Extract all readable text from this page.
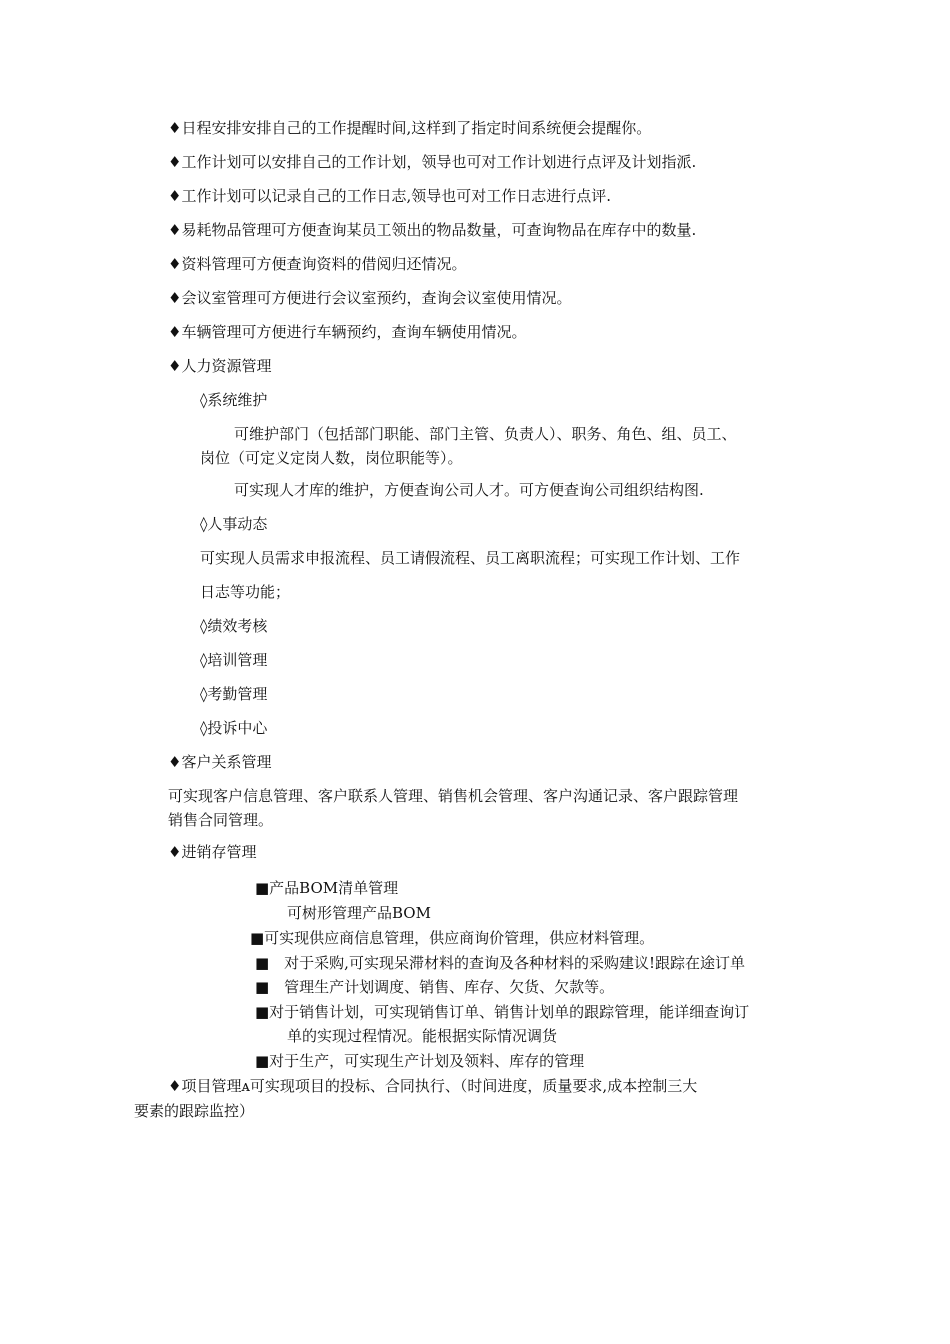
♦日程安排安排自己的工作提醒时间,这样到了指定时间系统便会提醒你。
♦工作计划可以安排自己的工作计划，领导也可对工作计划进行点评及计划指派.
♦工作计划可以记录自己的工作日志,领导也可对工作日志进行点评.
♦易耗物品管理可方便查询某员工领出的物品数量，可查询物品在库存中的数量.
♦资料管理可方便查询资料的借阅归还情况。
♦会议室管理可方便进行会议室预约，查询会议室使用情况。
♦车辆管理可方便进行车辆预约，查询车辆使用情况。
♦人力资源管理
◊系统维护
可维护部门（包括部门职能、部门主管、负责人）、职务、角色、组、员工、
岗位（可定义定岗人数，岗位职能等）。
可实现人才库的维护，方便查询公司人才。可方便查询公司组织结构图.
◊人事动态
可实现人员需求申报流程、员工请假流程、员工离职流程；可实现工作计划、工作
日志等功能；
◊绩效考核
◊培训管理
◊考勤管理
◊投诉中心
♦客户关系管理
可实现客户信息管理、客户联系人管理、销售机会管理、客户沟通记录、客户跟踪管理
销售合同管理。
♦进销存管理
■产品BOM清单管理
可树形管理产品BOM
■可实现供应商信息管理，供应商询价管理，供应材料管理。
■　对于采购,可实现呆滞材料的查询及各种材料的采购建议!跟踪在途订单
■　管理生产计划调度、销售、库存、欠货、欠款等。
■对于销售计划，可实现销售订单、销售计划单的跟踪管理，能详细查询订
单的实现过程情况。能根据实际情况调货
■对于生产，可实现生产计划及领料、库存的管理
♦项目管理ᴀ可实现项目的投标、合同执行、（时间进度，质量要求,成本控制三大
要素的跟踪监控）
